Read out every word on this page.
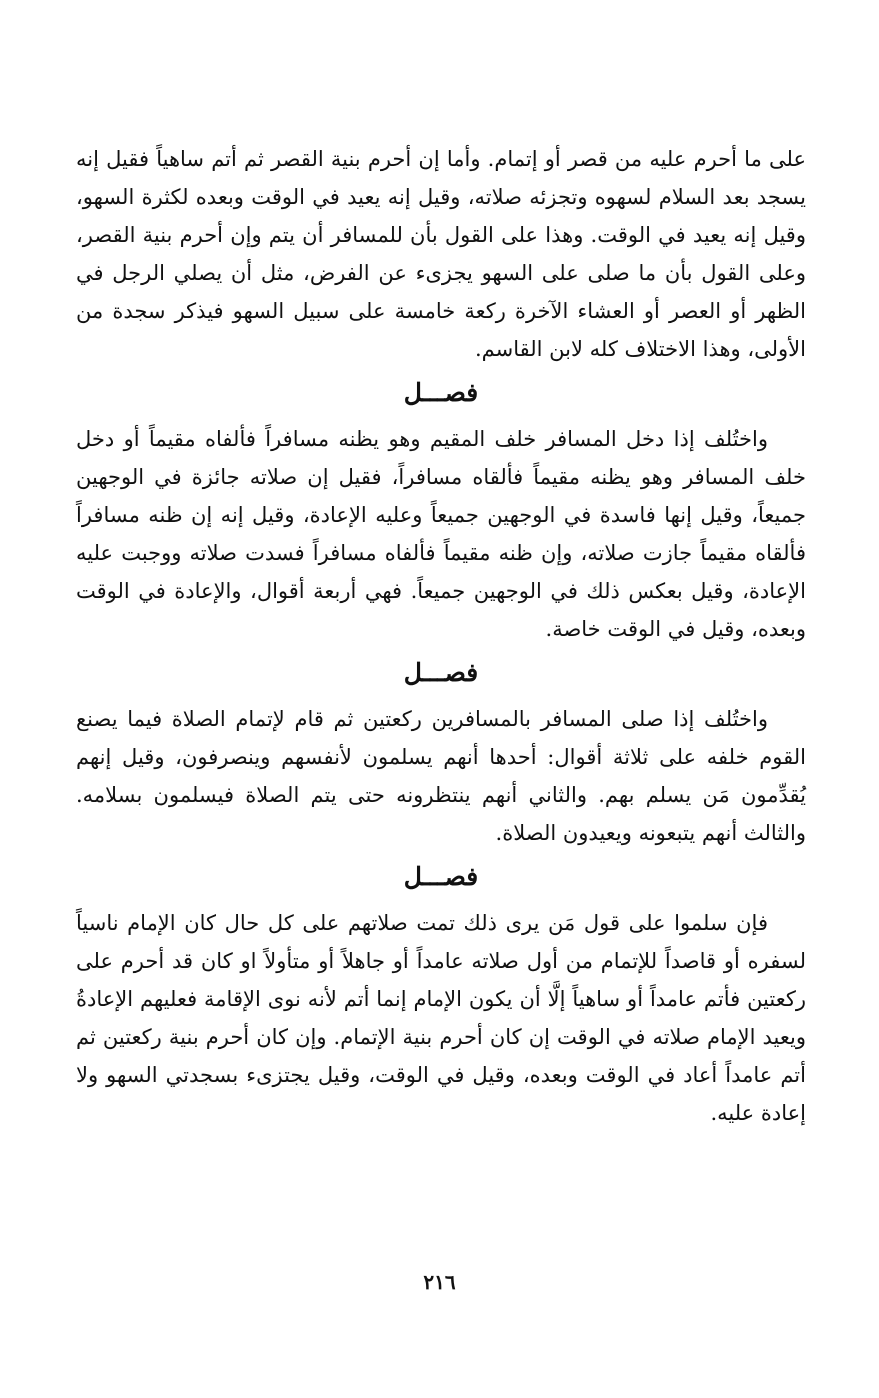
على ما أحرم عليه من قصر أو إتمام. وأما إن أحرم بنية القصر ثم أتم ساهياً فقيل إنه يسجد بعد السلام لسهوه وتجزئه صلاته، وقيل إنه يعيد في الوقت وبعده لكثرة السهو، وقيل إنه يعيد في الوقت. وهذا على القول بأن للمسافر أن يتم وإن أحرم بنية القصر، وعلى القول بأن ما صلى على السهو يجزىء عن الفرض، مثل أن يصلي الرجل في الظهر أو العصر أو العشاء الآخرة ركعة خامسة على سبيل السهو فيذكر سجدة من الأولى، وهذا الاختلاف كله لابن القاسم.

فصـــل

واختُلف إذا دخل المسافر خلف المقيم وهو يظنه مسافراً فألفاه مقيماً أو دخل خلف المسافر وهو يظنه مقيماً فألقاه مسافراً، فقيل إن صلاته جائزة في الوجهين جميعاً، وقيل إنها فاسدة في الوجهين جميعاً وعليه الإعادة، وقيل إنه إن ظنه مسافراً فألقاه مقيماً جازت صلاته، وإن ظنه مقيماً فألفاه مسافراً فسدت صلاته ووجبت عليه الإعادة، وقيل بعكس ذلك في الوجهين جميعاً. فهي أربعة أقوال، والإعادة في الوقت وبعده، وقيل في الوقت خاصة.

فصـــل

واختُلف إذا صلى المسافر بالمسافرين ركعتين ثم قام لإتمام الصلاة فيما يصنع القوم خلفه على ثلاثة أقوال: أحدها أنهم يسلمون لأنفسهم وينصرفون، وقيل إنهم يُقدِّمون مَن يسلم بهم. والثاني أنهم ينتظرونه حتى يتم الصلاة فيسلمون بسلامه. والثالث أنهم يتبعونه ويعيدون الصلاة.

فصـــل

فإن سلموا على قول مَن يرى ذلك تمت صلاتهم على كل حال كان الإمام ناسياً لسفره أو قاصداً للإتمام من أول صلاته عامداً أو جاهلاً أو متأولاً او كان قد أحرم على ركعتين فأتم عامداً أو ساهياً إلَّا أن يكون الإمام إنما أتم لأنه نوى الإقامة فعليهم الإعادةُ ويعيد الإمام صلاته في الوقت إن كان أحرم بنية الإتمام. وإن كان أحرم بنية ركعتين ثم أتم عامداً أعاد في الوقت وبعده، وقيل في الوقت، وقيل يجتزىء بسجدتي السهو ولا إعادة عليه.

٢١٦
